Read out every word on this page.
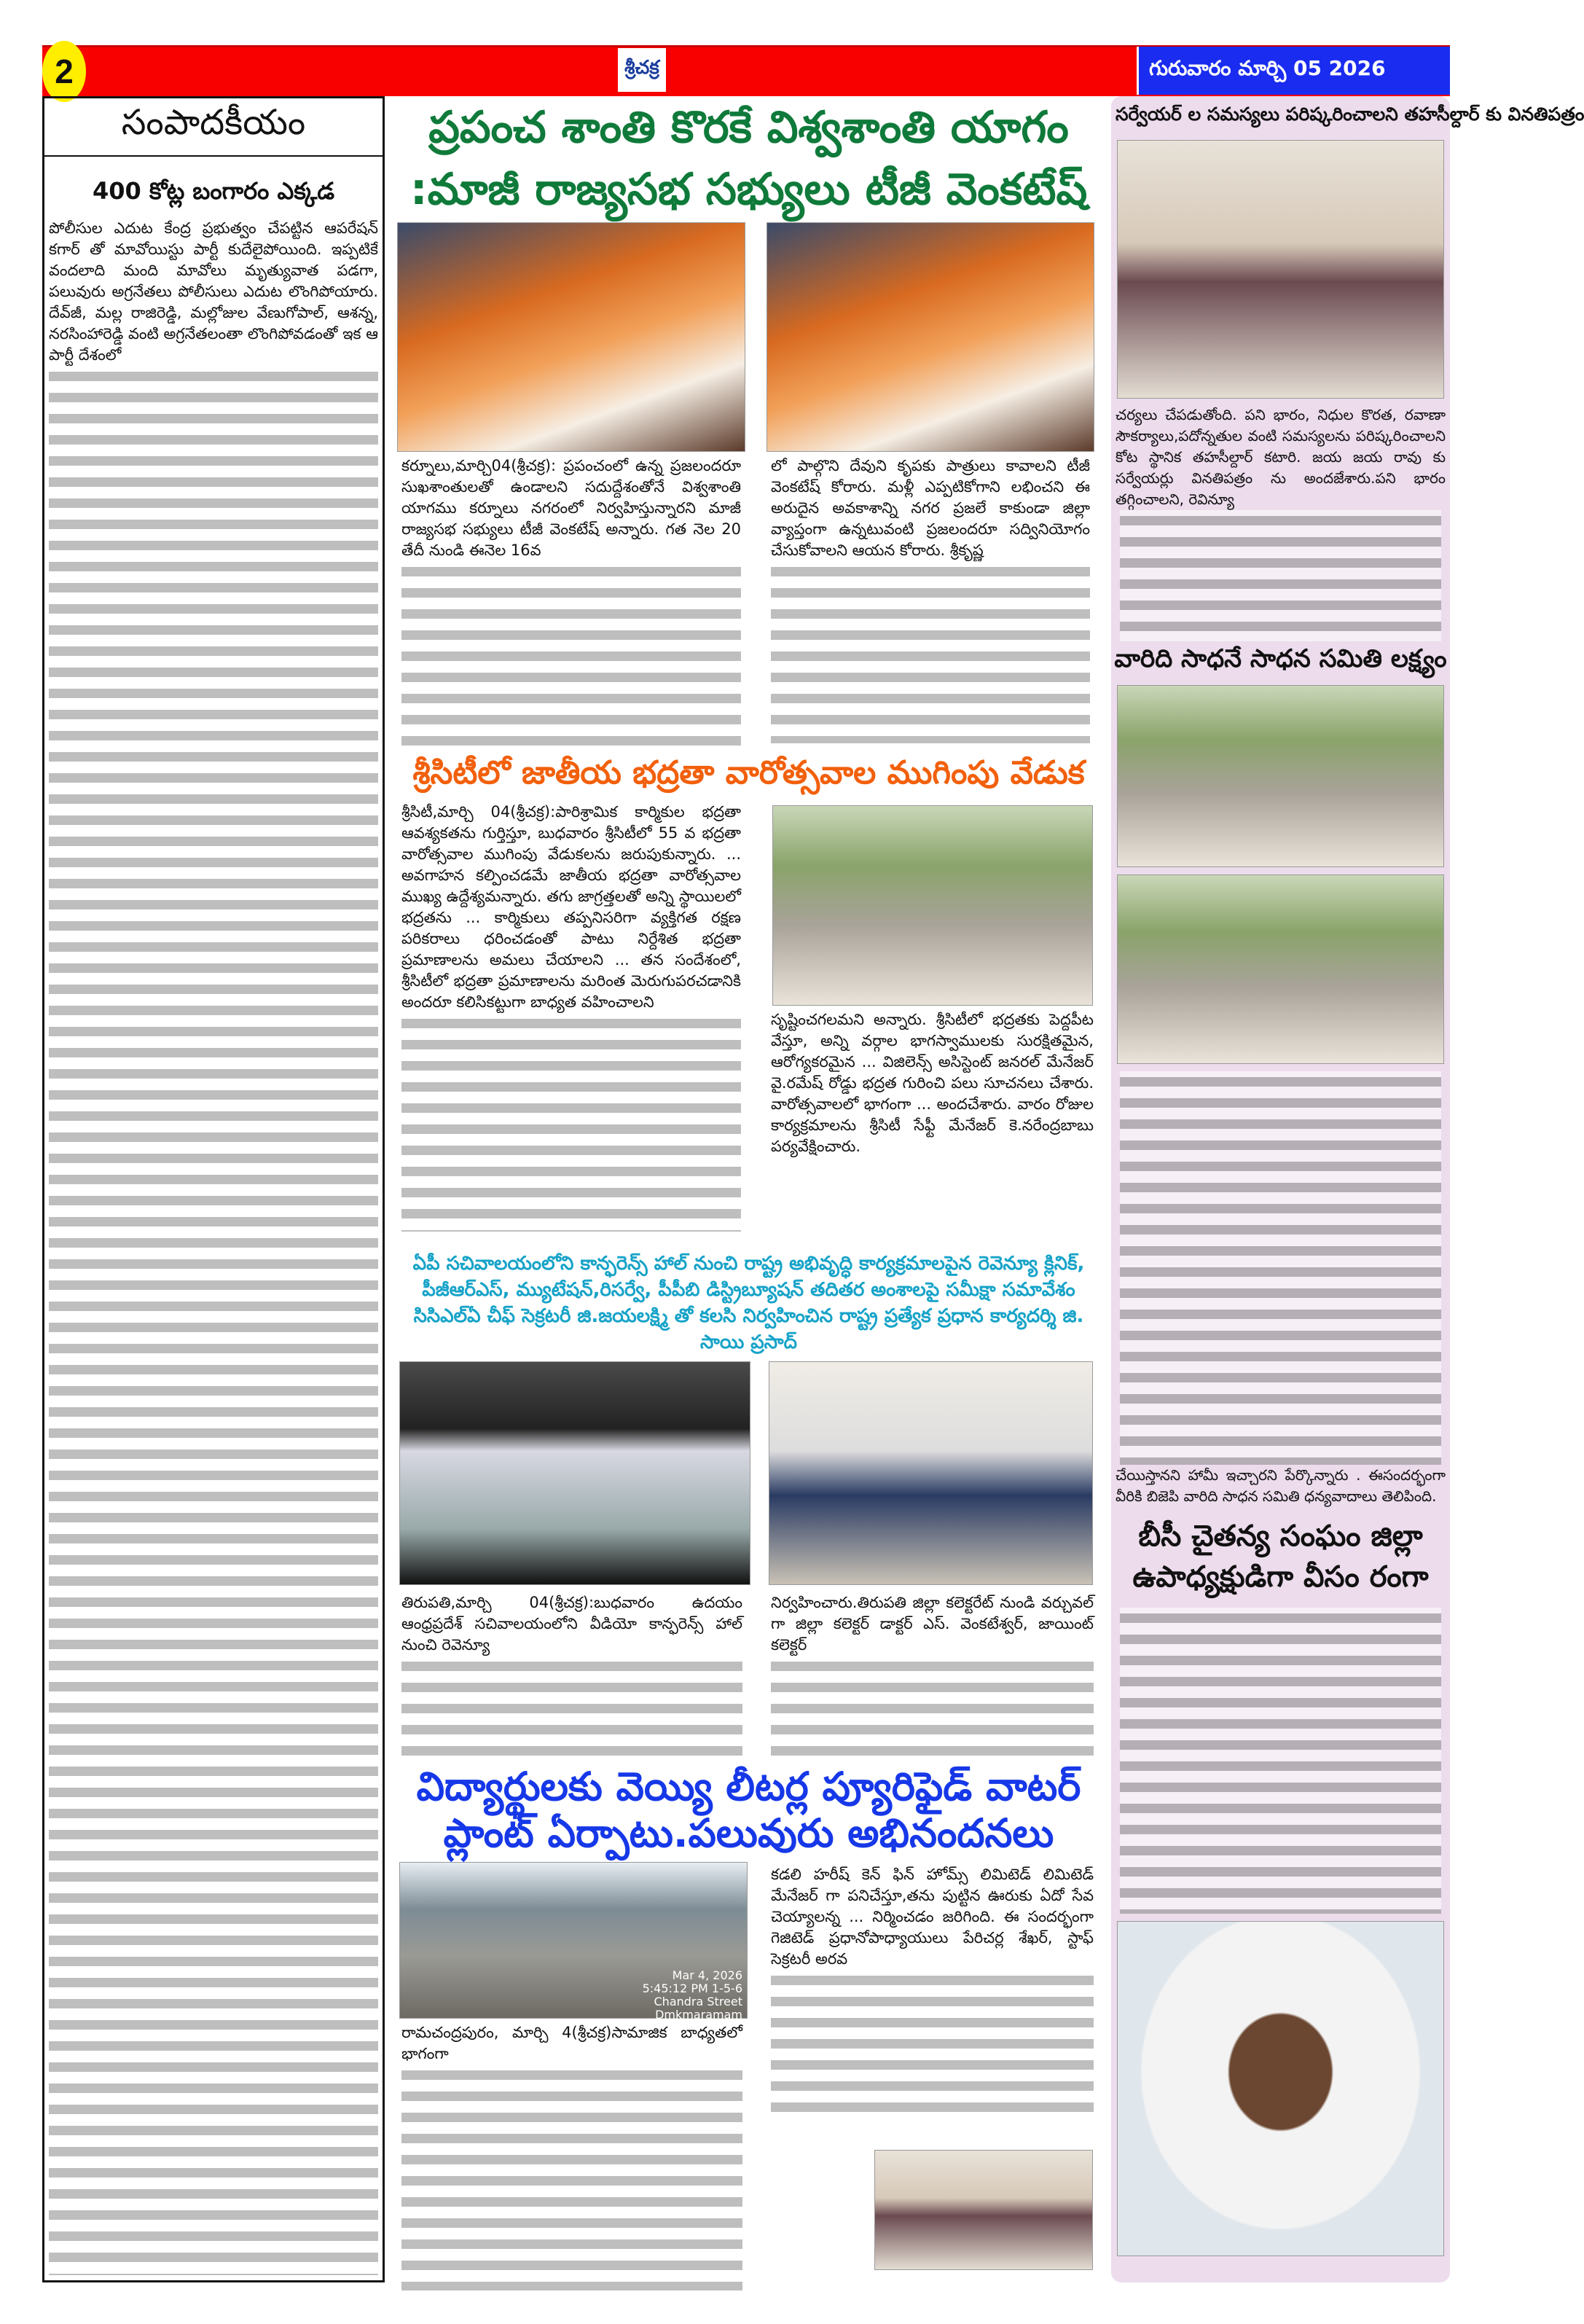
2	శ్రీచక్ర	గురువారం మార్చి 05 2026
సంపాదకీయం
400 కోట్ల బంగారం ఎక్కడ
పోలీసుల ఎదుట కేంద్ర ప్రభుత్వం చేపట్టిన ఆపరేషన్ కగార్ తో మావోయిస్టు పార్టీ కుదేలైపోయింది. ఇప్పటికే వందలాది మంది మావోలు మృత్యువాత పడగా, పలువురు అగ్రనేతలు పోలీసులు ఎదుట లొంగిపోయారు. దేవ్‌జీ, మల్ల రాజిరెడ్డి, మల్లోజుల వేణుగోపాల్, ఆశన్న, నరసింహారెడ్డి వంటి అగ్రనేతలంతా లొంగిపోవడంతో ఇక ఆ పార్టీ దేశంలో
ప్రపంచ శాంతి కొరకే విశ్వశాంతి యాగం
:మాజీ రాజ్యసభ సభ్యులు టీజీ వెంకటేష్
కర్నూలు,మార్చి04(శ్రీచక్ర): ప్రపంచంలో ఉన్న ప్రజలందరూ సుఖశాంతులతో ఉండాలని సదుద్దేశంతోనే విశ్వశాంతి యాగము కర్నూలు నగరంలో నిర్వహిస్తున్నారని మాజీ రాజ్యసభ సభ్యులు టీజీ వెంకటేష్ అన్నారు. గత నెల 20 తేదీ నుండి ఈనెల 16వ
లో పాల్గొని దేవుని కృపకు పాత్రులు కావాలని టీజీ వెంకటేష్ కోరారు. మళ్లీ ఎప్పటికోగాని లభించని ఈ అరుదైన అవకాశాన్ని నగర ప్రజలే కాకుండా జిల్లా వ్యాప్తంగా ఉన్నటువంటి ప్రజలందరూ సద్వినియోగం చేసుకోవాలని ఆయన కోరారు. శ్రీకృష్ణ
శ్రీసిటీలో జాతీయ భద్రతా వారోత్సవాల ముగింపు వేడుక
శ్రీసిటీ,మార్చి 04(శ్రీచక్ర):పారిశ్రామిక కార్మికుల భద్రతా ఆవశ్యకతను గుర్తిస్తూ, బుధవారం శ్రీసిటీలో 55 వ భద్రతా వారోత్సవాల ముగింపు వేడుకలను జరుపుకున్నారు. ... అవగాహన కల్పించడమే జాతీయ భద్రతా వారోత్సవాల ముఖ్య ఉద్దేశ్యమన్నారు. తగు జాగ్రత్తలతో అన్ని స్థాయిలలో భద్రతను ... కార్మికులు తప్పనిసరిగా వ్యక్తిగత రక్షణ పరికరాలు ధరించడంతో పాటు నిర్దేశిత భద్రతా ప్రమాణాలను అమలు చేయాలని ... తన సందేశంలో, శ్రీసిటీలో భద్రతా ప్రమాణాలను మరింత మెరుగుపరచడానికి అందరూ కలిసికట్టుగా బాధ్యత వహించాలని
సృష్టించగలమని అన్నారు. శ్రీసిటీలో భద్రతకు పెద్దపీట వేస్తూ, అన్ని వర్గాల భాగస్వాములకు సురక్షితమైన, ఆరోగ్యకరమైన ... విజిలెన్స్ అసిస్టెంట్ జనరల్ మేనేజర్ వై.రమేష్ రోడ్డు భద్రత గురించి పలు సూచనలు చేశారు. వారోత్సవాలలో భాగంగా ... అందచేశారు. వారం రోజుల కార్యక్రమాలను శ్రీసిటీ సేఫ్టీ మేనేజర్ కె.నరేంద్రబాబు పర్యవేక్షించారు.
ఏపీ సచివాలయంలోని కాన్ఫరెన్స్ హాల్ నుంచి రాష్ట్ర అభివృద్ధి కార్యక్రమాలపైన రెవెన్యూ క్లినిక్, పీజీఆర్ఎస్, మ్యుటేషన్,రిసర్వే, పీపీబి డిస్ట్రిబ్యూషన్ తదితర అంశాలపై సమీక్షా సమావేశం సిసిఎల్ఏ చీఫ్ సెక్రటరీ జి.జయలక్ష్మి తో కలసి నిర్వహించిన రాష్ట్ర ప్రత్యేక ప్రధాన కార్యదర్శి జి. సాయి ప్రసాద్
తిరుపతి,మార్చి 04(శ్రీచక్ర):బుధవారం ఉదయం ఆంధ్రప్రదేశ్ సచివాలయంలోని వీడియో కాన్ఫరెన్స్ హాల్ నుంచి రెవెన్యూ
నిర్వహించారు.తిరుపతి జిల్లా కలెక్టరేట్ నుండి వర్చువల్ గా జిల్లా కలెక్టర్ డాక్టర్ ఎస్. వెంకటేశ్వర్, జాయింట్ కలెక్టర్
విద్యార్థులకు వెయ్యి లీటర్ల ప్యూరిఫైడ్ వాటర్ ప్లాంట్ ఏర్పాటు.పలువురు అభినందనలు
Mar 4, 2026 5:45:12 PM 1-5-6 Chandra Street Dmkmaramam
రామచంద్రపురం, మార్చి 4(శ్రీచక్ర)సామాజిక బాధ్యతలో భాగంగా
కడలి హరీష్ కెన్ ఫిన్ హోమ్స్ లిమిటెడ్ లిమిటెడ్ మేనేజర్ గా పనిచేస్తూ,తను పుట్టిన ఊరుకు ఏదో సేవ చెయ్యాలన్న ... నిర్మించడం జరిగింది. ఈ సందర్భంగా గెజిటెడ్ ప్రధానోపాధ్యాయులు పేరిచర్ల శేఖర్, స్టాఫ్ సెక్రటరీ అరవ
సర్వేయర్ ల సమస్యలు పరిష్కరించాలని తహసీల్దార్ కు వినతిపత్రం
చర్యలు చేపడుతోంది. పని భారం, నిధుల కొరత, రవాణా సౌకర్యాలు,పదోన్నతుల వంటి సమస్యలను పరిష్కరించాలని కోట స్థానిక తహసీల్దార్ కటారి. జయ జయ రావు కు సర్వేయర్లు వినతిపత్రం ను అందజేశారు.పని భారం తగ్గించాలని, రెవిన్యూ
వారిది సాధనే సాధన సమితి లక్ష్యం
చేయిస్తానని హామీ ఇచ్చారని పేర్కొన్నారు . ఈసందర్భంగా వీరికి బిజెపి వారిది సాధన సమితి ధన్యవాదాలు తెలిపింది.
బీసీ చైతన్య సంఘం జిల్లా
ఉపాధ్యక్షుడిగా వీసం రంగా
